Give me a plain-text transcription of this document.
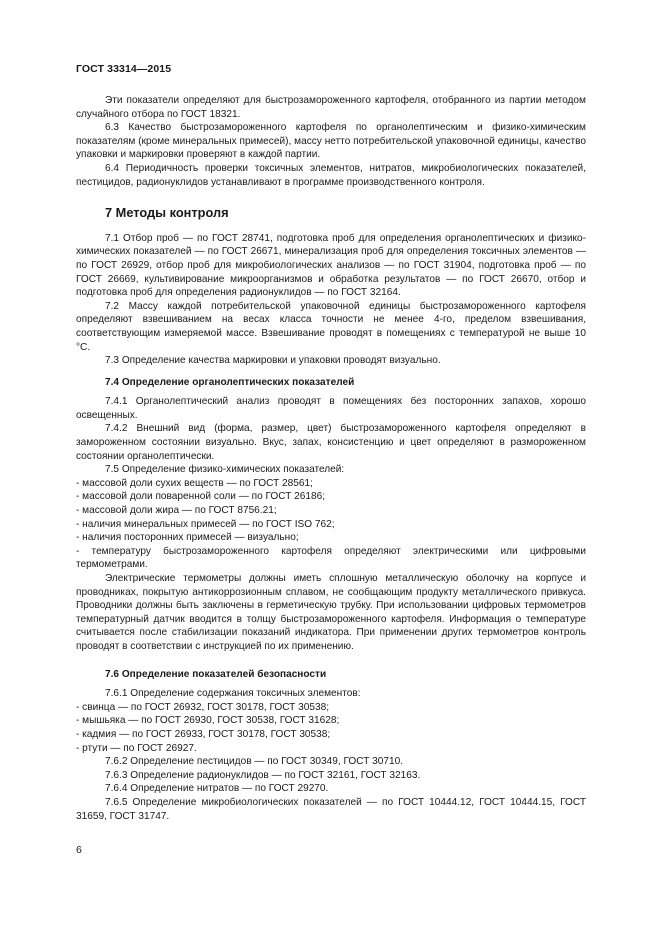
ГОСТ 33314—2015

Эти показатели определяют для быстрозамороженного картофеля, отобранного из партии методом случайного отбора по ГОСТ 18321.

6.3 Качество быстрозамороженного картофеля по органолептическим и физико-химическим показателям (кроме минеральных примесей), массу нетто потребительской упаковочной единицы, качество упаковки и маркировки проверяют в каждой партии.

6.4 Периодичность проверки токсичных элементов, нитратов, микробиологических показателей, пестицидов, радионуклидов устанавливают в программе производственного контроля.

7 Методы контроля

7.1 Отбор проб — по ГОСТ 28741, подготовка проб для определения органолептических и физико-химических показателей — по ГОСТ 26671, минерализация проб для определения токсичных элементов — по ГОСТ 26929, отбор проб для микробиологических анализов — по ГОСТ 31904, подготовка проб — по ГОСТ 26669, культивирование микроорганизмов и обработка результатов — по ГОСТ 26670, отбор и подготовка проб для определения радионуклидов — по ГОСТ 32164.

7.2 Массу каждой потребительской упаковочной единицы быстрозамороженного картофеля определяют взвешиванием на весах класса точности не менее 4-го, пределом взвешивания, соответствующим измеряемой массе. Взвешивание проводят в помещениях с температурой не выше 10 °С.

7.3 Определение качества маркировки и упаковки проводят визуально.

7.4 Определение органолептических показателей

7.4.1 Органолептический анализ проводят в помещениях без посторонних запахов, хорошо освещенных.

7.4.2 Внешний вид (форма, размер, цвет) быстрозамороженного картофеля определяют в замороженном состоянии визуально. Вкус, запах, консистенцию и цвет определяют в размороженном состоянии органолептически.

7.5 Определение физико-химических показателей:

- массовой доли сухих веществ — по ГОСТ 28561;

- массовой доли поваренной соли — по ГОСТ 26186;

- массовой доли жира — по ГОСТ 8756.21;

- наличия минеральных примесей — по ГОСТ ISO 762;

- наличия посторонних примесей — визуально;

- температуру быстрозамороженного картофеля определяют электрическими или цифровыми термометрами.

Электрические термометры должны иметь сплошную металлическую оболочку на корпусе и проводниках, покрытую антикоррозионным сплавом, не сообщающим продукту металлического привкуса. Проводники должны быть заключены в герметическую трубку. При использовании цифровых термометров температурный датчик вводится в толщу быстрозамороженного картофеля. Информация о температуре считывается после стабилизации показаний индикатора. При применении других термометров контроль проводят в соответствии с инструкцией по их применению.

7.6 Определение показателей безопасности

7.6.1 Определение содержания токсичных элементов:

- свинца — по ГОСТ 26932, ГОСТ 30178, ГОСТ 30538;

- мышьяка — по ГОСТ 26930, ГОСТ 30538, ГОСТ 31628;

- кадмия — по ГОСТ 26933, ГОСТ 30178, ГОСТ 30538;

- ртути — по ГОСТ 26927.

7.6.2 Определение пестицидов — по ГОСТ 30349, ГОСТ 30710.

7.6.3 Определение радионуклидов — по ГОСТ 32161, ГОСТ 32163.

7.6.4 Определение нитратов — по ГОСТ 29270.

7.6.5 Определение микробиологических показателей — по ГОСТ 10444.12, ГОСТ 10444.15, ГОСТ 31659, ГОСТ 31747.

6
